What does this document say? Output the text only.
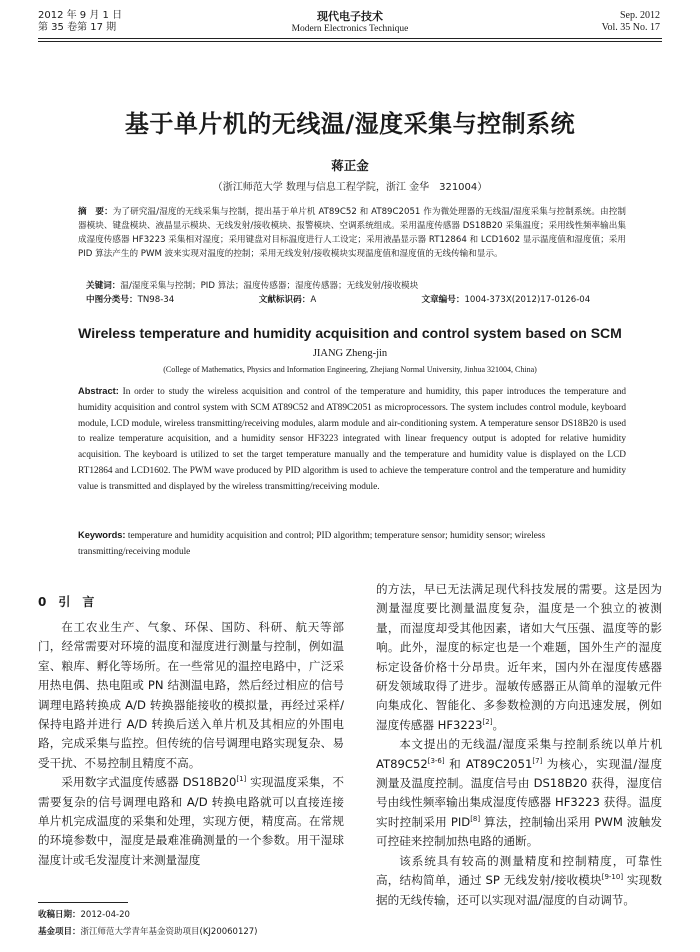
2012 年 9 月 1 日
第 35 卷第 17 期
现代电子技术
Modern Electronics Technique
Sep. 2012
Vol. 35 No. 17
基于单片机的无线温/湿度采集与控制系统
蒋正金
（浙江师范大学 数理与信息工程学院，浙江 金华　321004）
摘　要：为了研究温/湿度的无线采集与控制，提出基于单片机 AT89C52 和 AT89C2051 作为微处理器的无线温/湿度采集与控制系统。由控制器模块、键盘模块、液晶显示模块、无线发射/接收模块、报警模块、空调系统组成。采用温度传感器 DS18B20 采集温度；采用线性频率输出集成湿度传感器 HF3223 采集相对湿度；采用键盘对目标温度进行人工设定；采用液晶显示器 RT12864 和 LCD1602 显示温度值和湿度值；采用 PID 算法产生的 PWM 波来实现对温度的控制；采用无线发射/接收模块实现温度值和湿度值的无线传输和显示。
关键词：温/湿度采集与控制；PID 算法；温度传感器；湿度传感器；无线发射/接收模块
中图分类号：TN98-34	文献标识码：A	文章编号：1004-373X(2012)17-0126-04
Wireless temperature and humidity acquisition and control system based on SCM
JIANG Zheng-jin
(College of Mathematics, Physics and Information Engineering, Zhejiang Normal University, Jinhua 321004, China)
Abstract: In order to study the wireless acquisition and control of the temperature and humidity, this paper introduces the temperature and humidity acquisition and control system with SCM AT89C52 and AT89C2051 as microprocessors. The system includes control module, keyboard module, LCD module, wireless transmitting/receiving modules, alarm module and air-conditioning system. A temperature sensor DS18B20 is used to realize temperature acquisition, and a humidity sensor HF3223 integrated with linear frequency output is adopted for relative humidity acquisition. The keyboard is utilized to set the target temperature manually and the temperature and humidity value is displayed on the LCD RT12864 and LCD1602. The PWM wave produced by PID algorithm is used to achieve the temperature control and the temperature and humidity value is transmitted and displayed by the wireless transmitting/receiving module.
Keywords: temperature and humidity acquisition and control; PID algorithm; temperature sensor; humidity sensor; wireless transmitting/receiving module
0　引　言

在工农业生产、气象、环保、国防、科研、航天等部门，经常需要对环境的温度和湿度进行测量与控制，例如温室、粮库、孵化等场所。在一些常见的温控电路中，广泛采用热电偶、热电阻或 PN 结测温电路，然后经过相应的信号调理电路转换成 A/D 转换器能接收的模拟量，再经过采样/保持电路并进行 A/D 转换后送入单片机及其相应的外围电路，完成采集与监控。但传统的信号调理电路实现复杂、易受干扰、不易控制且精度不高。

采用数字式温度传感器 DS18B20[1] 实现温度采集，不需要复杂的信号调理电路和 A/D 转换电路就可以直接连接单片机完成温度的采集和处理，实现方便，精度高。在常规的环境参数中，湿度是最难准确测量的一个参数。用干湿球湿度计或毛发湿度计来测量湿度

的方法，早已无法满足现代科技发展的需要。这是因为测量湿度要比测量温度复杂，温度是一个独立的被测量，而湿度却受其他因素，诸如大气压强、温度等的影响。此外，湿度的标定也是一个难题，国外生产的湿度标定设备价格十分昂贵。近年来，国内外在湿度传感器研发领域取得了进步。湿敏传感器正从简单的湿敏元件向集成化、智能化、多参数检测的方向迅速发展，例如湿度传感器 HF3223[2]。

本文提出的无线温/湿度采集与控制系统以单片机 AT89C52[3-6] 和 AT89C2051[7] 为核心，实现温/湿度测量及温度控制。温度信号由 DS18B20 获得，湿度信号由线性频率输出集成湿度传感器 HF3223 获得。温度实时控制采用 PID[8] 算法，控制输出采用 PWM 波触发可控硅来控制加热电路的通断。

该系统具有较高的测量精度和控制精度，可靠性高，结构简单，通过 SP 无线发射/接收模块[9-10] 实现数据的无线传输，还可以实现对温/湿度的自动调节。

收稿日期：2012-04-20
基金项目：浙江师范大学青年基金资助项目(KJ20060127)
